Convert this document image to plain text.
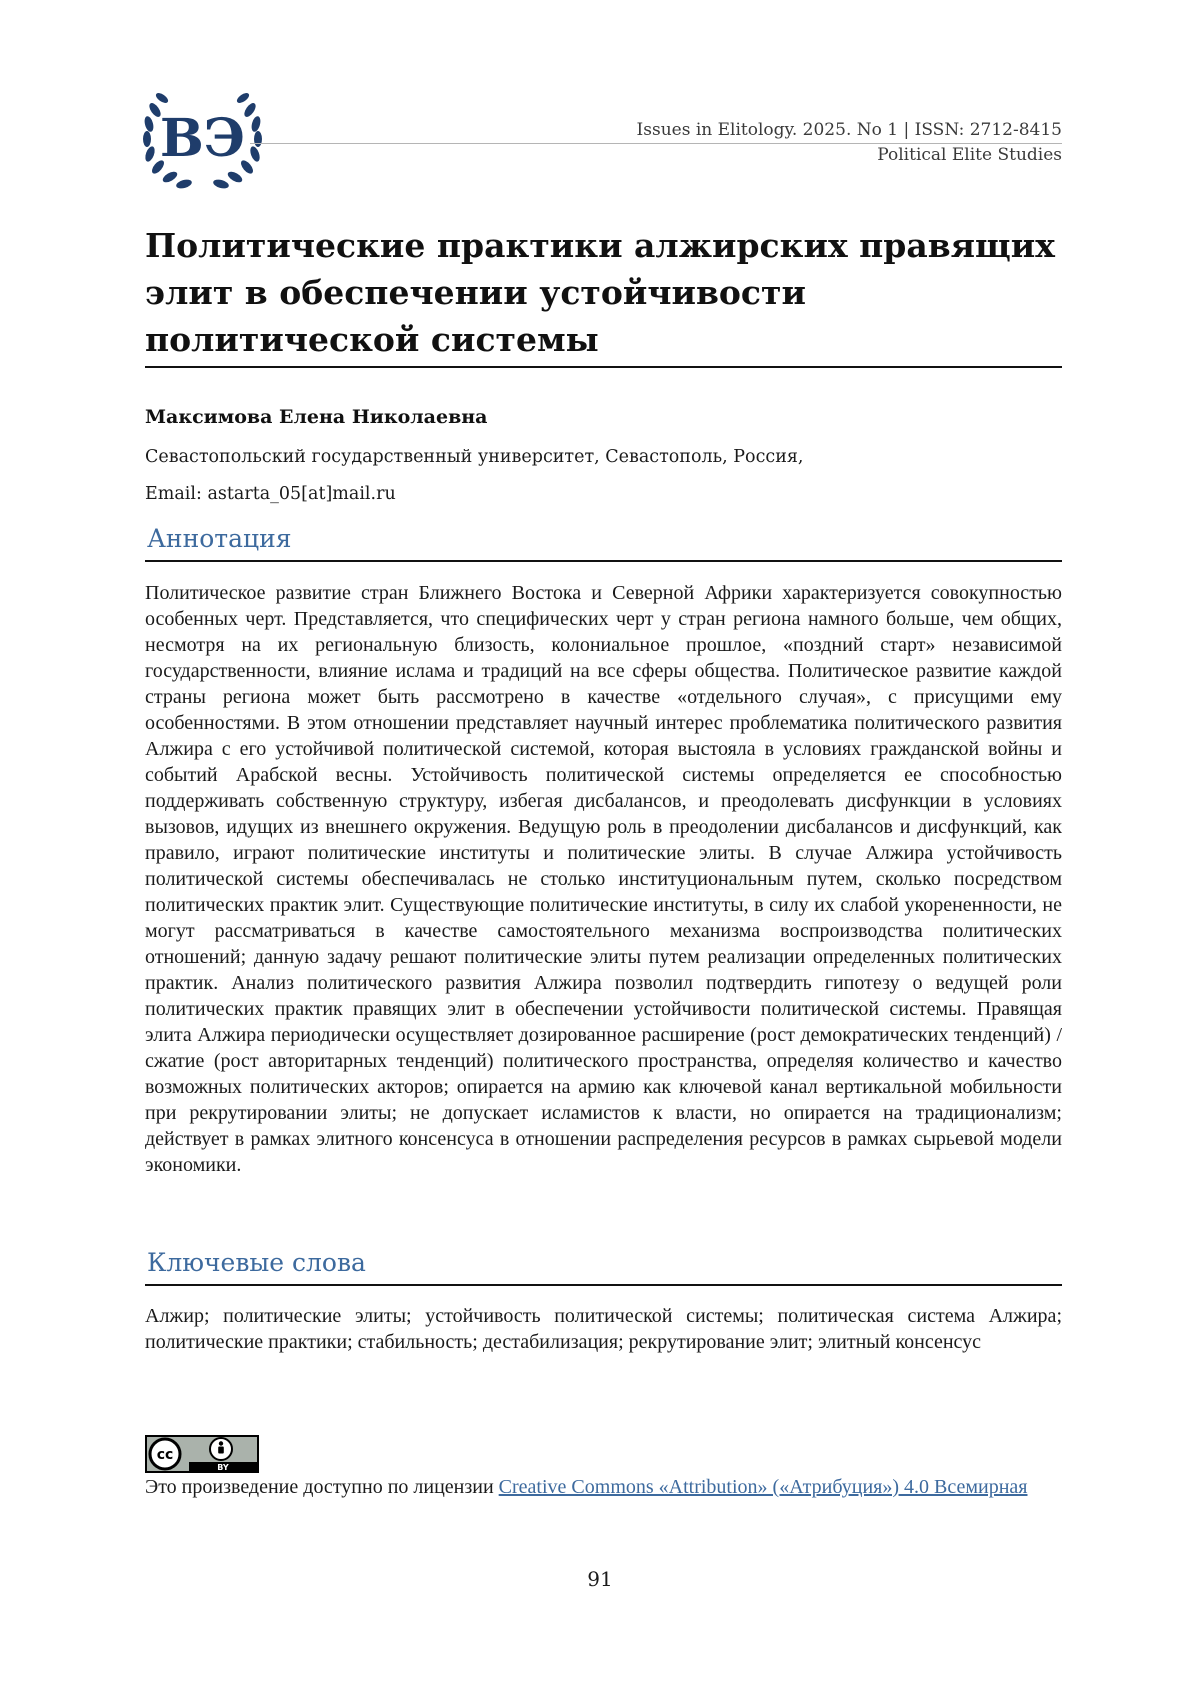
ВЭ	Issues in Elitology. 2025. No 1 | ISSN: 2712-8415
Political Elite Studies
Политические практики алжирских правящих элит в обеспечении устойчивости политической системы
Максимова Елена Николаевна
Севастопольский государственный университет, Севастополь, Россия,
Email: astarta_05[at]mail.ru
Аннотация

Политическое развитие стран Ближнего Востока и Северной Африки характеризуется совокупностью особенных черт. Представляется, что специфических черт у стран региона намного больше, чем общих, несмотря на их региональную близость, колониальное прошлое, «поздний старт» независимой государственности, влияние ислама и традиций на все сферы общества. Политическое развитие каждой страны региона может быть рассмотрено в качестве «отдельного случая», с присущими ему особенностями. В этом отношении представляет научный интерес проблематика политического развития Алжира с его устойчивой политической системой, которая выстояла в условиях гражданской войны и событий Арабской весны. Устойчивость политической системы определяется ее способностью поддерживать собственную структуру, избегая дисбалансов, и преодолевать дисфункции в условиях вызовов, идущих из внешнего окружения. Ведущую роль в преодолении дисбалансов и дисфункций, как правило, играют политические институты и политические элиты. В случае Алжира устойчивость политической системы обеспечивалась не столько институциональным путем, сколько посредством политических практик элит. Существующие политические институты, в силу их слабой укорененности, не могут рассматриваться в качестве самостоятельного механизма воспроизводства политических отношений; данную задачу решают политические элиты путем реализации определенных политических практик. Анализ политического развития Алжира позволил подтвердить гипотезу о ведущей роли политических практик правящих элит в обеспечении устойчивости политической системы. Правящая элита Алжира периодически осуществляет дозированное расширение (рост демократических тенденций) / сжатие (рост авторитарных тенденций) политического пространства, определяя количество и качество возможных политических акторов; опирается на армию как ключевой канал вертикальной мобильности при рекрутировании элиты; не допускает исламистов к власти, но опирается на традиционализм; действует в рамках элитного консенсуса в отношении распределения ресурсов в рамках сырьевой модели экономики.

Ключевые слова

Алжир; политические элиты; устойчивость политической системы; политическая система Алжира; политические практики; стабильность; дестабилизация; рекрутирование элит; элитный консенсус

cc
BY

Это произведение доступно по лицензии Creative Commons «Attribution» («Атрибуция») 4.0 Всемирная

91
